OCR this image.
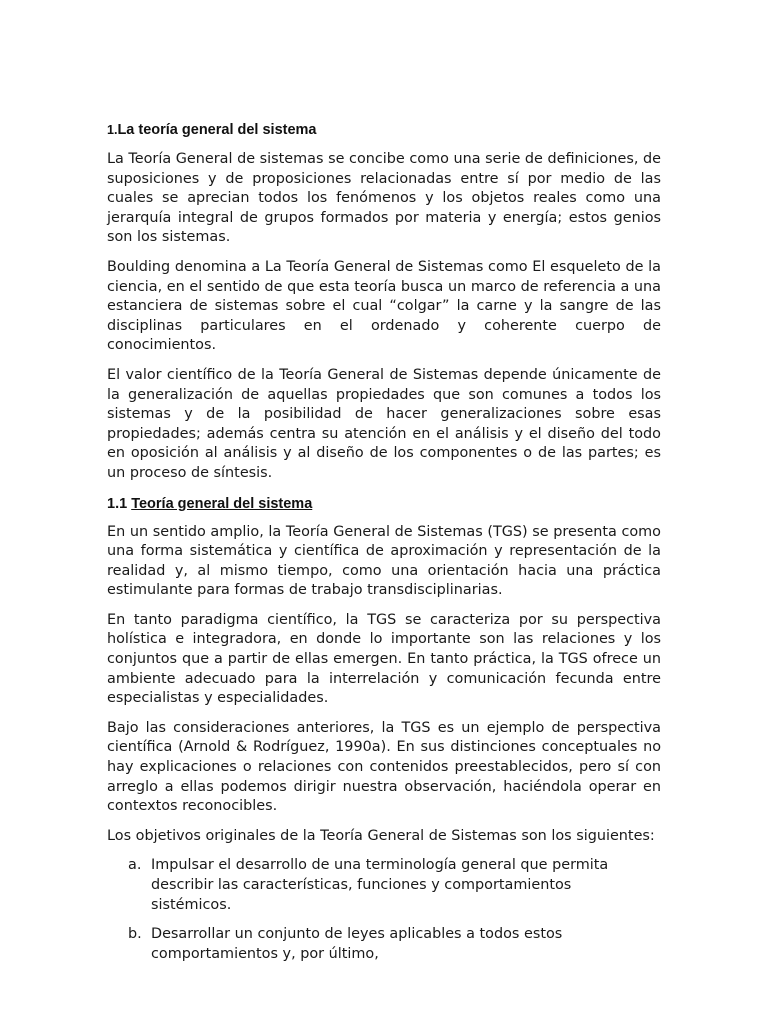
1.La teoría general del sistema

La Teoría General de sistemas se concibe como una serie de definiciones, de suposiciones y de proposiciones relacionadas entre sí por medio de las cuales se aprecian todos los fenómenos y los objetos reales como una jerarquía integral de grupos formados por materia y energía; estos genios son los sistemas.

Boulding denomina a La Teoría General de Sistemas como El esqueleto de la ciencia, en el sentido de que esta teoría busca un marco de referencia a una estanciera de sistemas sobre el cual “colgar” la carne y la sangre de las disciplinas particulares en el ordenado y coherente cuerpo de conocimientos.

El valor científico de la Teoría General de Sistemas depende únicamente de la generalización de aquellas propiedades que son comunes a todos los sistemas y de la posibilidad de hacer generalizaciones sobre esas propiedades; además centra su atención en el análisis y el diseño del todo en oposición al análisis y al diseño de los componentes o de las partes; es un proceso de síntesis.

1.1 Teoría general del sistema

En un sentido amplio, la Teoría General de Sistemas (TGS) se presenta como una forma sistemática y científica de aproximación y representación de la realidad y, al mismo tiempo, como una orientación hacia una práctica estimulante para formas de trabajo transdisciplinarias.

En tanto paradigma científico, la TGS se caracteriza por su perspectiva holística e integradora, en donde lo importante son las relaciones y los conjuntos que a partir de ellas emergen. En tanto práctica, la TGS ofrece un ambiente adecuado para la interrelación y comunicación fecunda entre especialistas y especialidades.

Bajo las consideraciones anteriores, la TGS es un ejemplo de perspectiva científica (Arnold & Rodríguez, 1990a). En sus distinciones conceptuales no hay explicaciones o relaciones con contenidos preestablecidos, pero sí con arreglo a ellas podemos dirigir nuestra observación, haciéndola operar en contextos reconocibles.

Los objetivos originales de la Teoría General de Sistemas son los siguientes:

a. Impulsar el desarrollo de una terminología general que permita describir las características, funciones y comportamientos sistémicos.
b. Desarrollar un conjunto de leyes aplicables a todos estos comportamientos y, por último,
